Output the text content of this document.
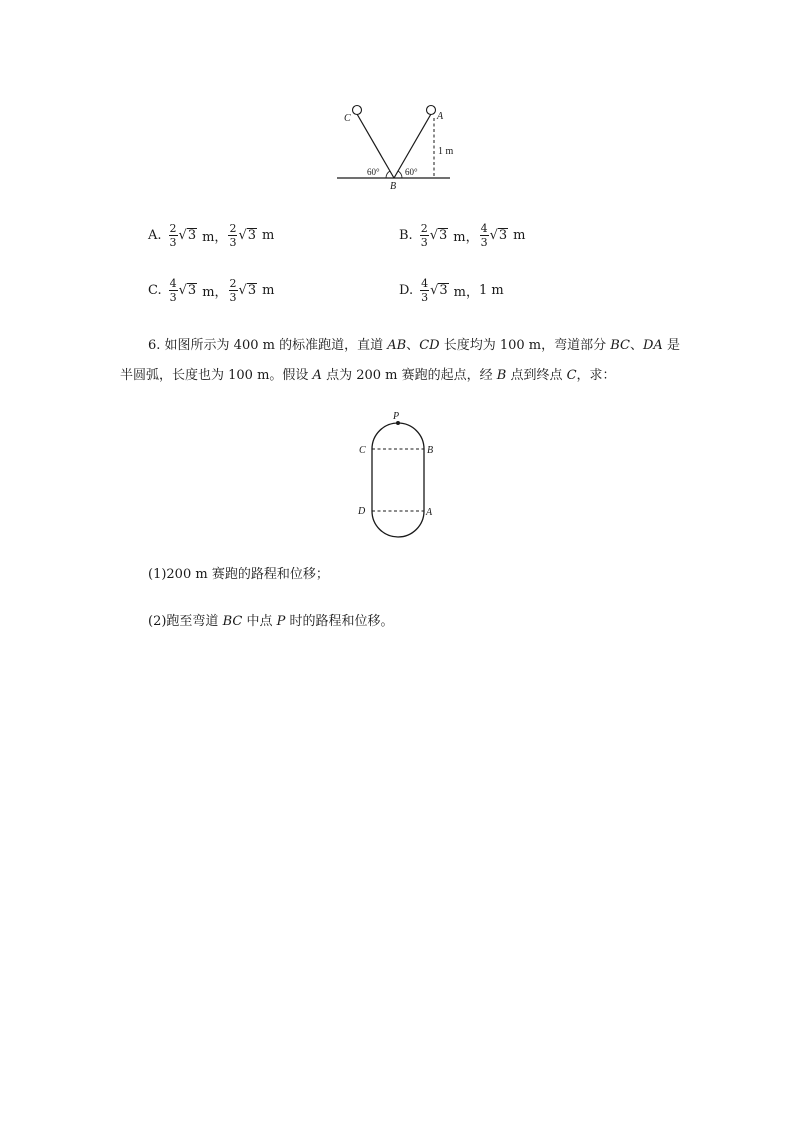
C	A
B
60°	60°
1 m
A. $\frac{2}{3}$ √ 3 m， $\frac{2}{3}$ √ 3 m	B. $\frac{2}{3}$ √ 3 m， $\frac{4}{3}$ √ 3 m
C. $\frac{4}{3}$ √ 3 m， $\frac{2}{3}$ √ 3 m	D. $\frac{4}{3}$ √ 3 m， 1 m
6. 如图所示为 400 m 的标准跑道，直道 AB、CD 长度均为 100 m，弯道部分 BC、DA 是
半圆弧，长度也为 100 m。假设 A 点为 200 m 赛跑的起点，经 B 点到终点 C，求：
P
C	B
D	A
(1)200 m 赛跑的路程和位移；
(2)跑至弯道 BC 中点 P 时的路程和位移。
